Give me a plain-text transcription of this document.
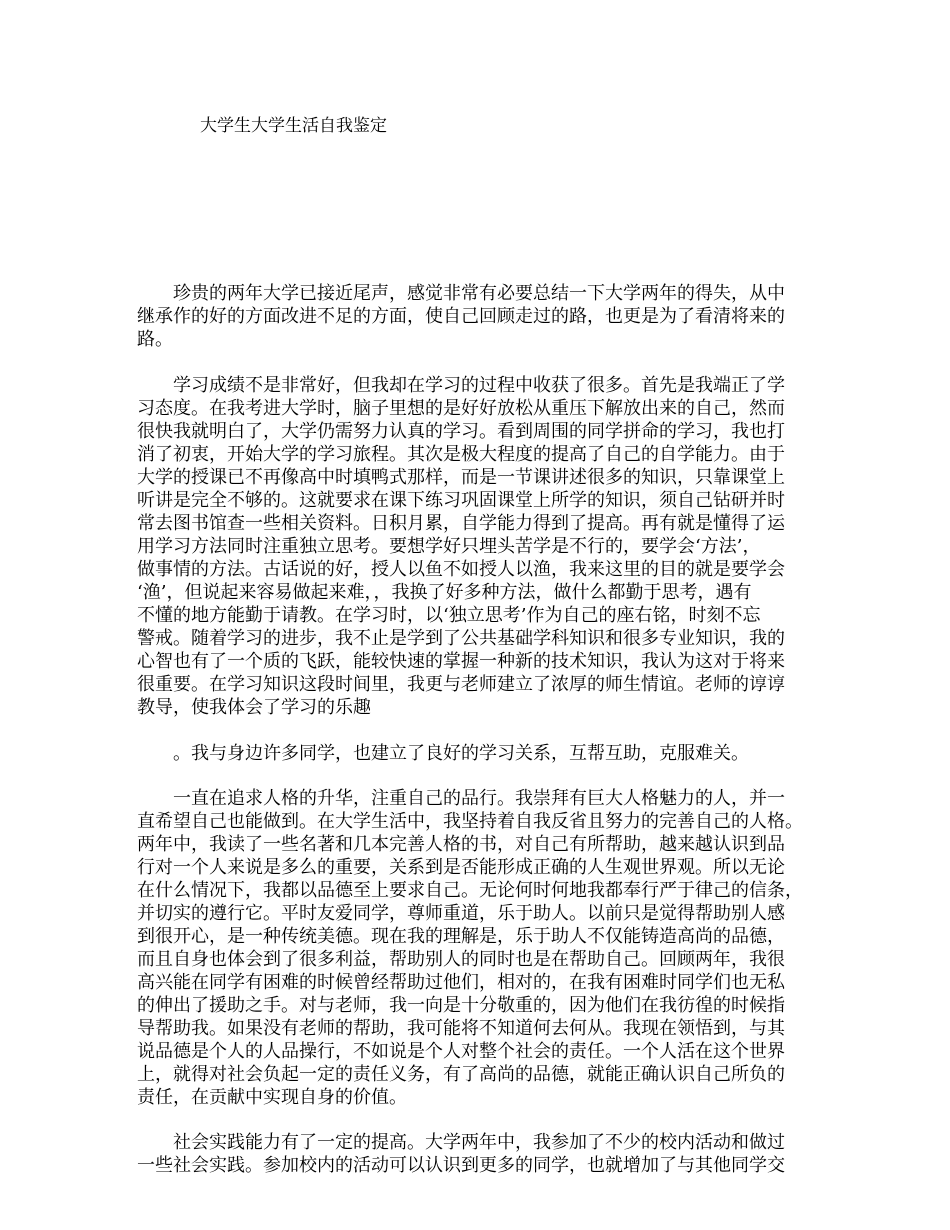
大学生大学生活自我鉴定

珍贵的两年大学已接近尾声，感觉非常有必要总结一下大学两年的得失，从中
继承作的好的方面改进不足的方面，使自己回顾走过的路，也更是为了看清将来的
路。

学习成绩不是非常好，但我却在学习的过程中收获了很多。首先是我端正了学
习态度。在我考进大学时，脑子里想的是好好放松从重压下解放出来的自己，然而
很快我就明白了，大学仍需努力认真的学习。看到周围的同学拼命的学习，我也打
消了初衷，开始大学的学习旅程。其次是极大程度的提高了自己的自学能力。由于
大学的授课已不再像高中时填鸭式那样，而是一节课讲述很多的知识，只靠课堂上
听讲是完全不够的。这就要求在课下练习巩固课堂上所学的知识，须自己钻研并时
常去图书馆查一些相关资料。日积月累，自学能力得到了提高。再有就是懂得了运
用学习方法同时注重独立思考。要想学好只埋头苦学是不行的，要学会‘方法’，
做事情的方法。古话说的好，授人以鱼不如授人以渔，我来这里的目的就是要学会
‘渔’，但说起来容易做起来难，，我换了好多种方法，做什么都勤于思考，遇有
不懂的地方能勤于请教。在学习时，以‘独立思考’作为自己的座右铭，时刻不忘
警戒。随着学习的进步，我不止是学到了公共基础学科知识和很多专业知识，我的
心智也有了一个质的飞跃，能较快速的掌握一种新的技术知识，我认为这对于将来
很重要。在学习知识这段时间里，我更与老师建立了浓厚的师生情谊。老师的谆谆
教导，使我体会了学习的乐趣

。我与身边许多同学，也建立了良好的学习关系，互帮互助，克服难关。

一直在追求人格的升华，注重自己的品行。我崇拜有巨大人格魅力的人，并一
直希望自己也能做到。在大学生活中，我坚持着自我反省且努力的完善自己的人格。
两年中，我读了一些名著和几本完善人格的书，对自己有所帮助，越来越认识到品
行对一个人来说是多么的重要，关系到是否能形成正确的人生观世界观。所以无论
在什么情况下，我都以品德至上要求自己。无论何时何地我都奉行严于律己的信条，
并切实的遵行它。平时友爱同学，尊师重道，乐于助人。以前只是觉得帮助别人感
到很开心，是一种传统美德。现在我的理解是，乐于助人不仅能铸造高尚的品德，
而且自身也体会到了很多利益，帮助别人的同时也是在帮助自己。回顾两年，我很
高兴能在同学有困难的时候曾经帮助过他们，相对的，在我有困难时同学们也无私
的伸出了援助之手。对与老师，我一向是十分敬重的，因为他们在我彷徨的时候指
导帮助我。如果没有老师的帮助，我可能将不知道何去何从。我现在领悟到，与其
说品德是个人的人品操行，不如说是个人对整个社会的责任。一个人活在这个世界
上，就得对社会负起一定的责任义务，有了高尚的品德，就能正确认识自己所负的
责任，在贡献中实现自身的价值。

社会实践能力有了一定的提高。大学两年中，我参加了不少的校内活动和做过
一些社会实践。参加校内的活动可以认识到更多的同学，也就增加了与其他同学交
